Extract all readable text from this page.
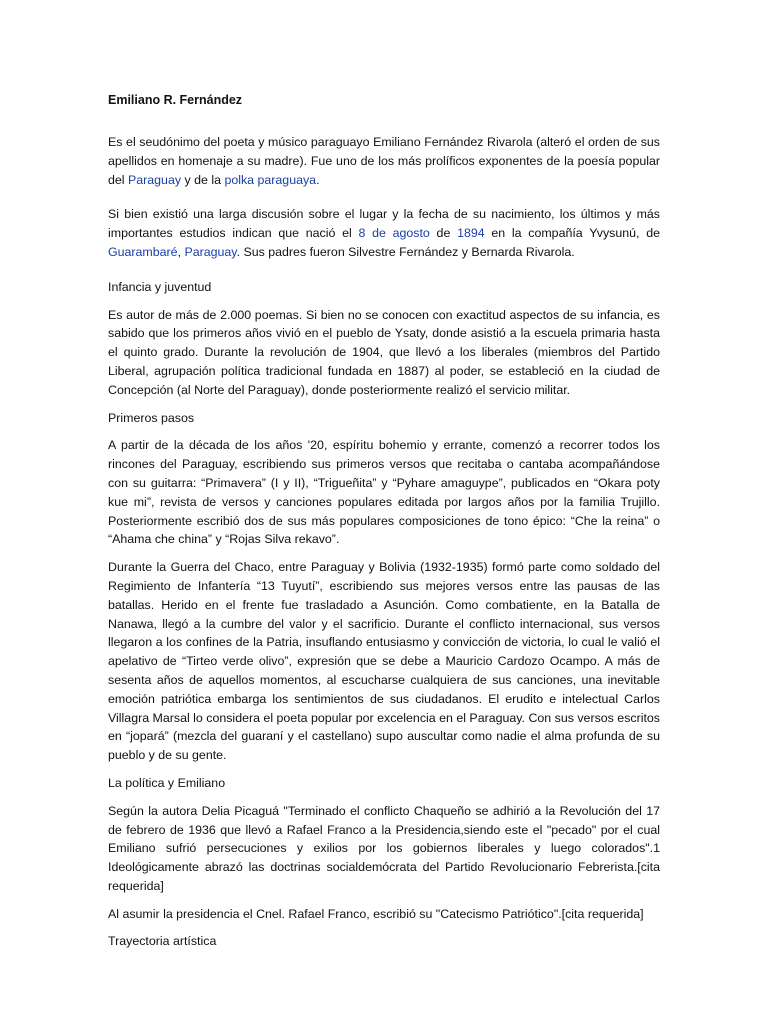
Emiliano R. Fernández

Es el seudónimo del poeta y músico paraguayo Emiliano Fernández Rivarola (alteró el orden de sus apellidos en homenaje a su madre). Fue uno de los más prolíficos exponentes de la poesía popular del Paraguay y de la polka paraguaya.

Si bien existió una larga discusión sobre el lugar y la fecha de su nacimiento, los últimos y más importantes estudios indican que nació el 8 de agosto de 1894 en la compañía Yvysunú, de Guarambaré, Paraguay. Sus padres fueron Silvestre Fernández y Bernarda Rivarola.

Infancia y juventud

Es autor de más de 2.000 poemas. Si bien no se conocen con exactitud aspectos de su infancia, es sabido que los primeros años vivió en el pueblo de Ysaty, donde asistió a la escuela primaria hasta el quinto grado. Durante la revolución de 1904, que llevó a los liberales (miembros del Partido Liberal, agrupación política tradicional fundada en 1887) al poder, se estableció en la ciudad de Concepción (al Norte del Paraguay), donde posteriormente realizó el servicio militar.

Primeros pasos

A partir de la década de los años '20, espíritu bohemio y errante, comenzó a recorrer todos los rincones del Paraguay, escribiendo sus primeros versos que recitaba o cantaba acompañándose con su guitarra: “Primavera” (I y II), “Trigueñita” y “Pyhare amaguype”, publicados en “Okara poty kue mi”, revista de versos y canciones populares editada por largos años por la familia Trujillo. Posteriormente escribió dos de sus más populares composiciones de tono épico: “Che la reina” o “Ahama che china” y “Rojas Silva rekavo”.

Durante la Guerra del Chaco, entre Paraguay y Bolivia (1932-1935) formó parte como soldado del Regimiento de Infantería “13 Tuyutí”, escribiendo sus mejores versos entre las pausas de las batallas. Herido en el frente fue trasladado a Asunción. Como combatiente, en la Batalla de Nanawa, llegó a la cumbre del valor y el sacrificio. Durante el conflicto internacional, sus versos llegaron a los confines de la Patria, insuflando entusiasmo y convicción de victoria, lo cual le valió el apelativo de “Tirteo verde olivo”, expresión que se debe a Mauricio Cardozo Ocampo. A más de sesenta años de aquellos momentos, al escucharse cualquiera de sus canciones, una inevitable emoción patriótica embarga los sentimientos de sus ciudadanos. El erudito e intelectual Carlos Villagra Marsal lo considera el poeta popular por excelencia en el Paraguay. Con sus versos escritos en “jopará” (mezcla del guaraní y el castellano) supo auscultar como nadie el alma profunda de su pueblo y de su gente.

La política y Emiliano

Según la autora Delia Picaguá "Terminado el conflicto Chaqueño se adhirió a la Revolución del 17 de febrero de 1936 que llevó a Rafael Franco a la Presidencia,siendo este el "pecado" por el cual Emiliano sufrió persecuciones y exilios por los gobiernos liberales y luego colorados".1 Ideológicamente abrazó las doctrinas socialdemócrata del Partido Revolucionario Febrerista.[cita requerida]

Al asumir la presidencia el Cnel. Rafael Franco, escribió su "Catecismo Patriótico".[cita requerida]

Trayectoria artística
